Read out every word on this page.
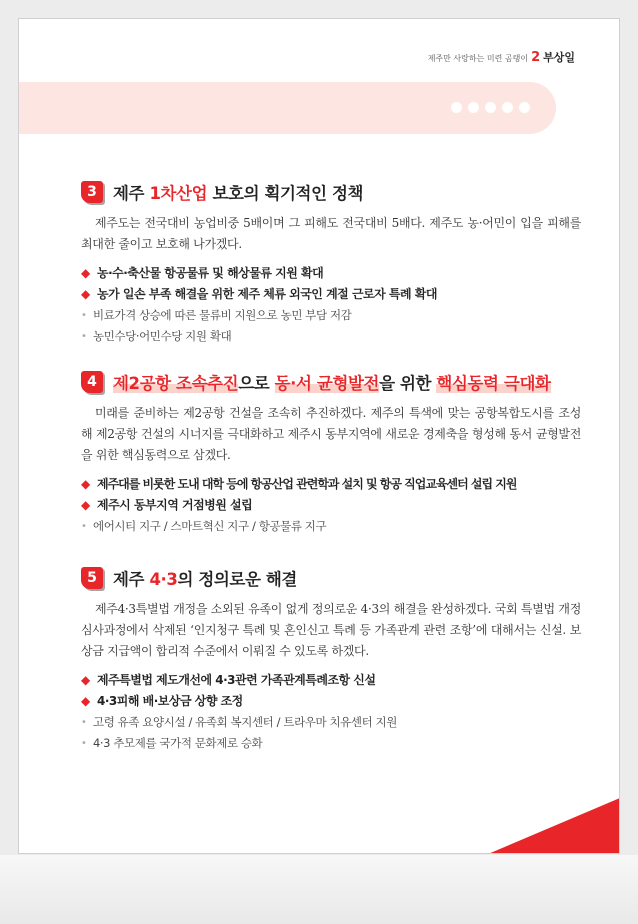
제주만 사랑하는 미련 곰탱이 2 부상일
3 제주 1차산업 보호의 획기적인 정책

제주도는 전국대비 농업비중 5배이며 그 피해도 전국대비 5배다. 제주도 농·어민이 입을 피해를 최대한 줄이고 보호해 나가겠다.

◆ 농·수·축산물 항공물류 및 해상물류 지원 확대
◆ 농가 일손 부족 해결을 위한 제주 체류 외국인 계절 근로자 특례 확대
• 비료가격 상승에 따른 물류비 지원으로 농민 부담 저감
• 농민수당·어민수당 지원 확대
4 제2공항 조속추진으로 동·서 균형발전을 위한 핵심동력 극대화

미래를 준비하는 제2공항 건설을 조속히 추진하겠다. 제주의 특색에 맞는 공항복합도시를 조성해 제2공항 건설의 시너지를 극대화하고 제주시 동부지역에 새로운 경제축을 형성해 동서 균형발전을 위한 핵심동력으로 삼겠다.

◆ 제주대를 비롯한 도내 대학 등에 항공산업 관련학과 설치 및 항공 직업교육센터 설립 지원
◆ 제주시 동부지역 거점병원 설립
• 에어시티 지구 / 스마트혁신 지구 / 항공물류 지구
5 제주 4·3의 정의로운 해결

제주4·3특별법 개정을 소외된 유족이 없게 정의로운 4·3의 해결을 완성하겠다. 국회 특별법 개정 심사과정에서 삭제된 ‘인지청구 특례 및 혼인신고 특례 등 가족관계 관련 조항’에 대해서는 신설. 보상금 지급액이 합리적 수준에서 이뤄질 수 있도록 하겠다.

◆ 제주특별법 제도개선에 4·3관련 가족관계특례조항 신설
◆ 4·3피해 배·보상금 상향 조정
• 고령 유족 요양시설 / 유족회 복지센터 / 트라우마 치유센터 지원
• 4·3 추모제를 국가적 문화제로 승화
